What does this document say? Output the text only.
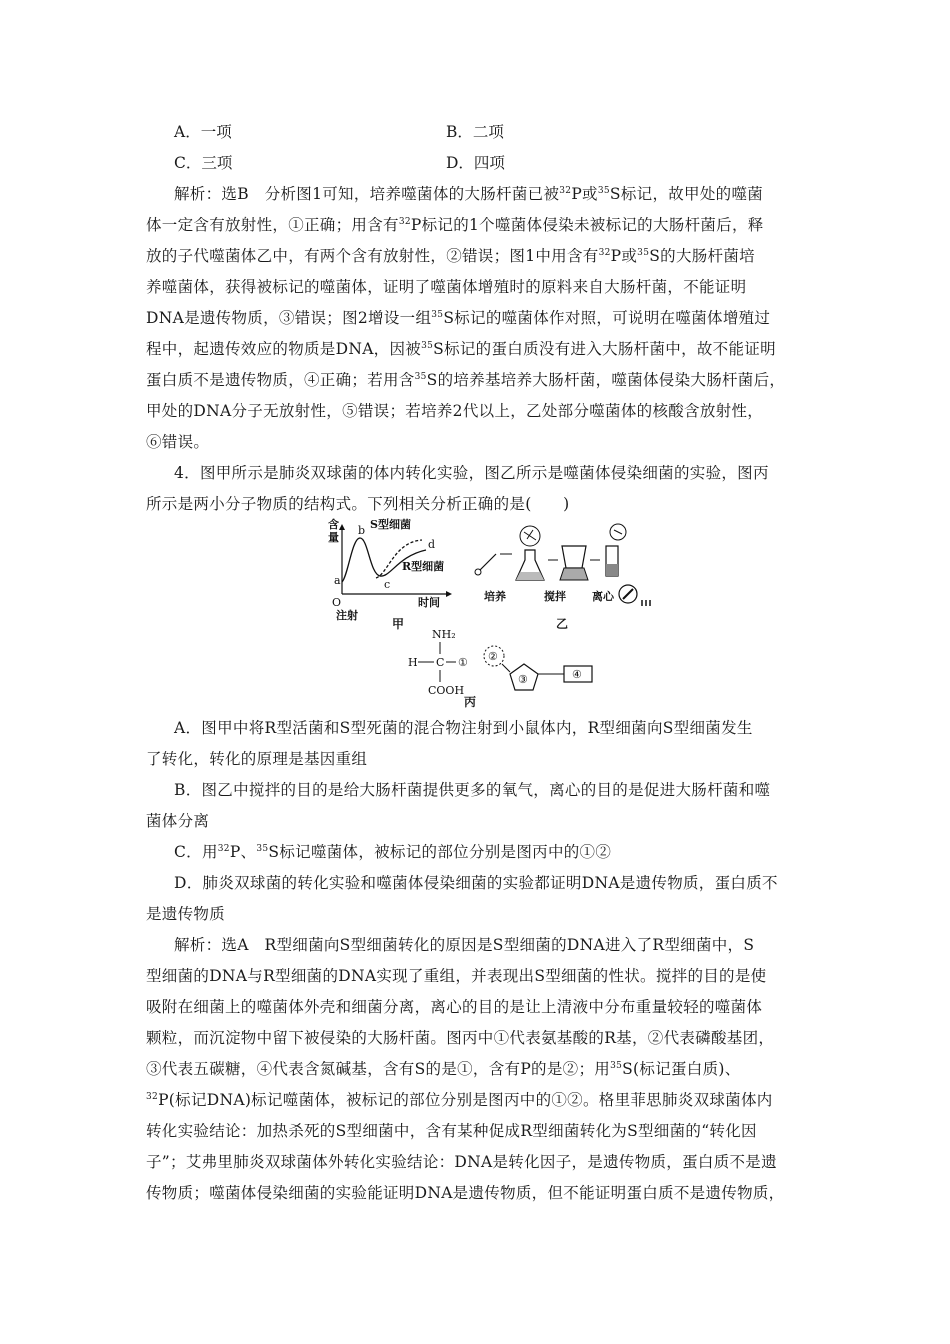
A．一项	B．二项
C．三项	D．四项
解析：选B　分析图1可知，培养噬菌体的大肠杆菌已被$^{32}$P或$^{35}$S标记，故甲处的噬菌
体一定含有放射性，①正确；用含有$^{32}$P标记的1个噬菌体侵染未被标记的大肠杆菌后，释
放的子代噬菌体乙中，有两个含有放射性，②错误；图1中用含有$^{32}$P或$^{35}$S的大肠杆菌培
养噬菌体，获得被标记的噬菌体，证明了噬菌体增殖时的原料来自大肠杆菌，不能证明
DNA是遗传物质，③错误；图2增设一组$^{35}$S标记的噬菌体作对照，可说明在噬菌体增殖过
程中，起遗传效应的物质是DNA，因被$^{35}$S标记的蛋白质没有进入大肠杆菌中，故不能证明
蛋白质不是遗传物质，④正确；若用含$^{35}$S的培养基培养大肠杆菌，噬菌体侵染大肠杆菌后，
甲处的DNA分子无放射性，⑤错误；若培养2代以上，乙处部分噬菌体的核酸含放射性，
⑥错误。
4．图甲所示是肺炎双球菌的体内转化实验，图乙所示是噬菌体侵染细菌的实验，图丙
所示是两小分子物质的结构式。下列相关分析正确的是(　　)
含
量
O
注射
时间
a
b
c
d
S型细菌
R型细菌
甲
培养	搅拌 离心
乙
NH₂
H C ①
COOH
②
③	④
丙
A．图甲中将R型活菌和S型死菌的混合物注射到小鼠体内，R型细菌向S型细菌发生
了转化，转化的原理是基因重组
B．图乙中搅拌的目的是给大肠杆菌提供更多的氧气，离心的目的是促进大肠杆菌和噬
菌体分离
C．用$^{32}$P、$^{35}$S标记噬菌体，被标记的部位分别是图丙中的①②
D．肺炎双球菌的转化实验和噬菌体侵染细菌的实验都证明DNA是遗传物质，蛋白质不
是遗传物质
解析：选A　R型细菌向S型细菌转化的原因是S型细菌的DNA进入了R型细菌中，S
型细菌的DNA与R型细菌的DNA实现了重组，并表现出S型细菌的性状。搅拌的目的是使
吸附在细菌上的噬菌体外壳和细菌分离，离心的目的是让上清液中分布重量较轻的噬菌体
颗粒，而沉淀物中留下被侵染的大肠杆菌。图丙中①代表氨基酸的R基，②代表磷酸基团，
③代表五碳糖，④代表含氮碱基，含有S的是①，含有P的是②；用$^{35}$S(标记蛋白质)、
$^{32}$P(标记DNA)标记噬菌体，被标记的部位分别是图丙中的①②。格里菲思肺炎双球菌体内
转化实验结论：加热杀死的S型细菌中，含有某种促成R型细菌转化为S型细菌的“转化因
子”；艾弗里肺炎双球菌体外转化实验结论：DNA是转化因子，是遗传物质，蛋白质不是遗
传物质；噬菌体侵染细菌的实验能证明DNA是遗传物质，但不能证明蛋白质不是遗传物质，
